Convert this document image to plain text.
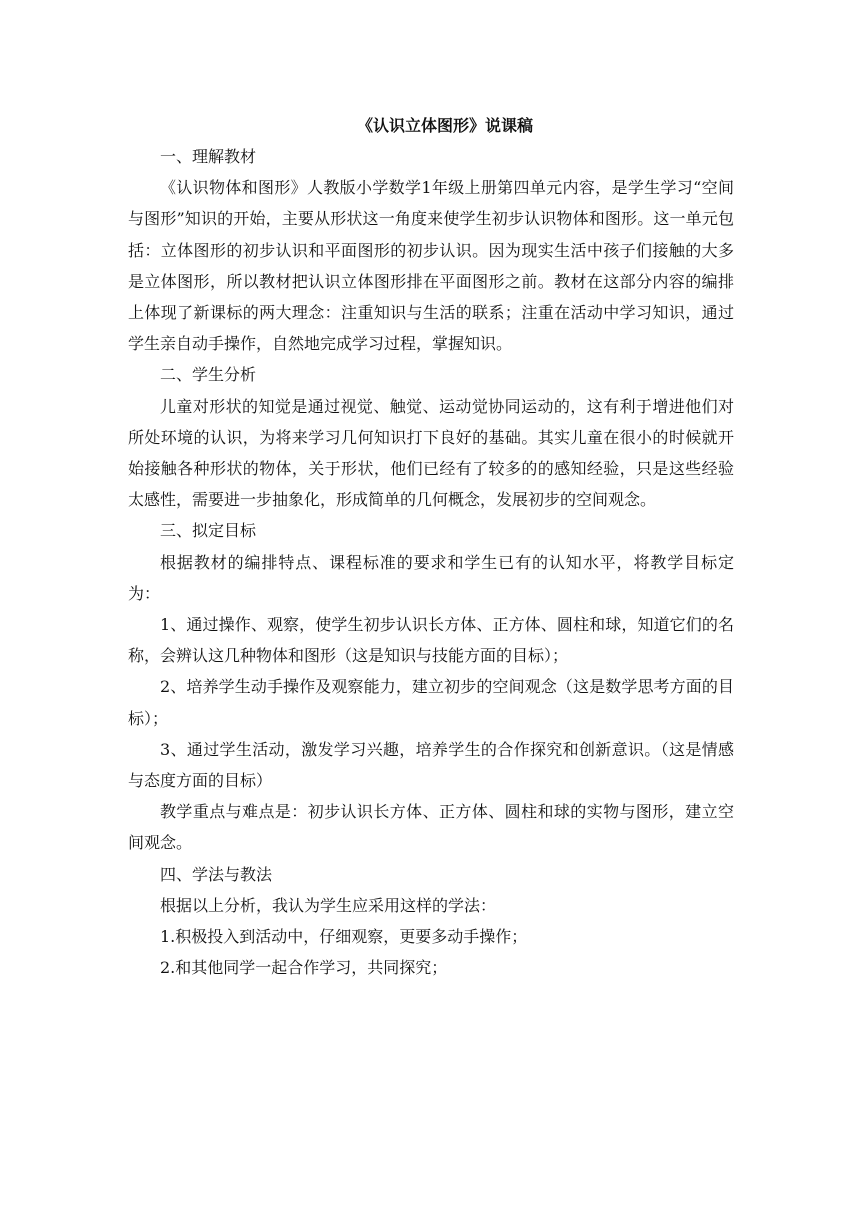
《认识立体图形》说课稿

一、理解教材

《认识物体和图形》人教版小学数学1年级上册第四单元内容，是学生学习“空间与图形”知识的开始，主要从形状这一角度来使学生初步认识物体和图形。这一单元包括：立体图形的初步认识和平面图形的初步认识。因为现实生活中孩子们接触的大多是立体图形，所以教材把认识立体图形排在平面图形之前。教材在这部分内容的编排上体现了新课标的两大理念：注重知识与生活的联系；注重在活动中学习知识，通过学生亲自动手操作，自然地完成学习过程，掌握知识。

二、学生分析

儿童对形状的知觉是通过视觉、触觉、运动觉协同运动的，这有利于增进他们对所处环境的认识，为将来学习几何知识打下良好的基础。其实儿童在很小的时候就开始接触各种形状的物体，关于形状，他们已经有了较多的的感知经验，只是这些经验太感性，需要进一步抽象化，形成简单的几何概念，发展初步的空间观念。

三、拟定目标

根据教材的编排特点、课程标准的要求和学生已有的认知水平，将教学目标定为：

1、通过操作、观察，使学生初步认识长方体、正方体、圆柱和球，知道它们的名称，会辨认这几种物体和图形（这是知识与技能方面的目标）；

2、培养学生动手操作及观察能力，建立初步的空间观念（这是数学思考方面的目标）；

3、通过学生活动，激发学习兴趣，培养学生的合作探究和创新意识。（这是情感与态度方面的目标）

教学重点与难点是：初步认识长方体、正方体、圆柱和球的实物与图形，建立空间观念。

四、学法与教法

根据以上分析，我认为学生应采用这样的学法：

1.积极投入到活动中，仔细观察，更要多动手操作；

2.和其他同学一起合作学习，共同探究；
